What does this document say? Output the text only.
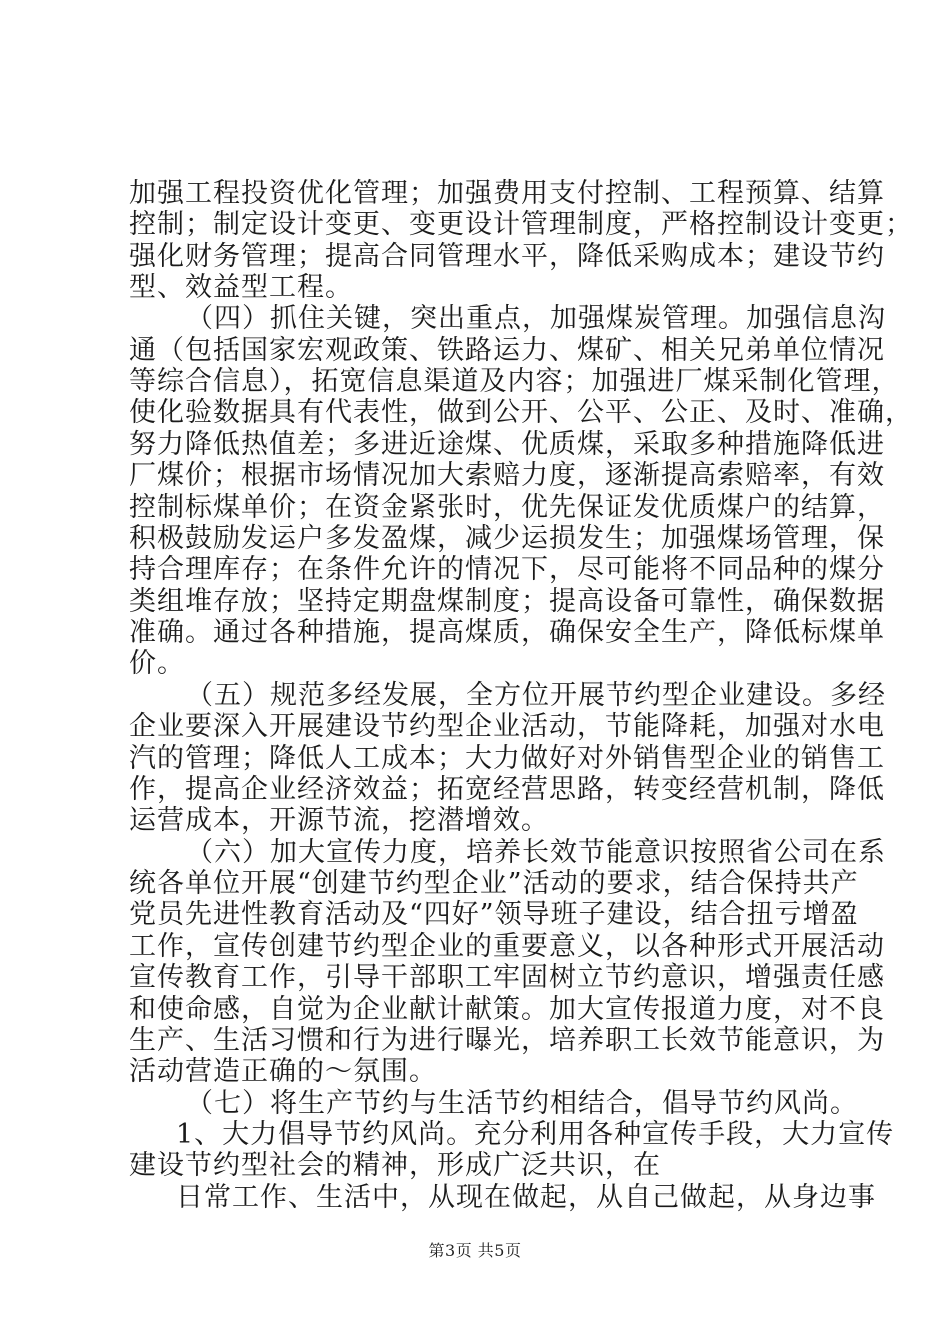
加强工程投资优化管理；加强费用支付控制、工程预算、结算
控制；制定设计变更、变更设计管理制度，严格控制设计变更；
强化财务管理；提高合同管理水平，降低采购成本；建设节约
型、效益型工程。
（四）抓住关键，突出重点，加强煤炭管理。加强信息沟
通（包括国家宏观政策、铁路运力、煤矿、相关兄弟单位情况
等综合信息），拓宽信息渠道及内容；加强进厂煤采制化管理，
使化验数据具有代表性，做到公开、公平、公正、及时、准确，
努力降低热值差；多进近途煤、优质煤，采取多种措施降低进
厂煤价；根据市场情况加大索赔力度，逐渐提高索赔率，有效
控制标煤单价；在资金紧张时，优先保证发优质煤户的结算，
积极鼓励发运户多发盈煤，减少运损发生；加强煤场管理，保
持合理库存；在条件允许的情况下，尽可能将不同品种的煤分
类组堆存放；坚持定期盘煤制度；提高设备可靠性，确保数据
准确。通过各种措施，提高煤质，确保安全生产，降低标煤单
价。
（五）规范多经发展，全方位开展节约型企业建设。多经
企业要深入开展建设节约型企业活动，节能降耗，加强对水电
汽的管理；降低人工成本；大力做好对外销售型企业的销售工
作，提高企业经济效益；拓宽经营思路，转变经营机制，降低
运营成本，开源节流，挖潜增效。
（六）加大宣传力度，培养长效节能意识按照省公司在系
统各单位开展“创建节约型企业”活动的要求，结合保持共产
党员先进性教育活动及“四好”领导班子建设，结合扭亏增盈
工作，宣传创建节约型企业的重要意义，以各种形式开展活动
宣传教育工作，引导干部职工牢固树立节约意识，增强责任感
和使命感，自觉为企业献计献策。加大宣传报道力度，对不良
生产、生活习惯和行为进行曝光，培养职工长效节能意识，为
活动营造正确的～氛围。
（七）将生产节约与生活节约相结合，倡导节约风尚。
1、大力倡导节约风尚。充分利用各种宣传手段，大力宣传
建设节约型社会的精神，形成广泛共识，在
日常工作、生活中，从现在做起，从自己做起，从身边事
第3页 共5页
